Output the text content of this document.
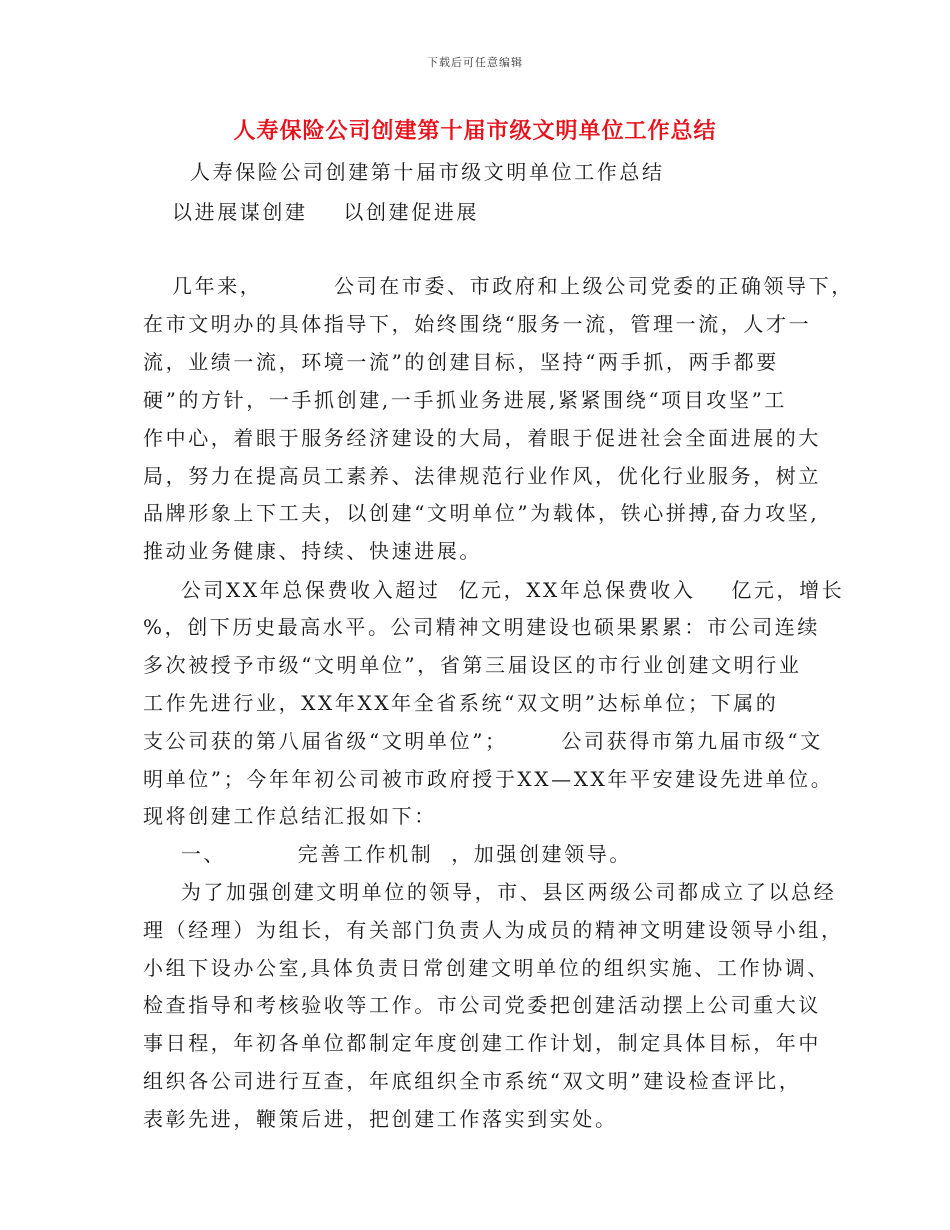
下载后可任意编辑
人寿保险公司创建第十届市级文明单位工作总结
人寿保险公司创建第十届市级文明单位工作总结
以进展谋创建    以创建促进展
几年来，        公司在市委、市政府和上级公司党委的正确领导下，
在市文明办的具体指导下，始终围绕“服务一流，管理一流，人才一
流，业绩一流，环境一流”的创建目标，坚持“两手抓，两手都要
硬”的方针，一手抓创建,一手抓业务进展,紧紧围绕“项目攻坚”工
作中心，着眼于服务经济建设的大局，着眼于促进社会全面进展的大
局，努力在提高员工素养、法律规范行业作风，优化行业服务，树立
品牌形象上下工夫，以创建“文明单位”为载体，铁心拼搏,奋力攻坚,
推动业务健康、持续、快速进展。
公司XX年总保费收入超过  亿元，XX年总保费收入    亿元，增长
%，创下历史最高水平。公司精神文明建设也硕果累累：市公司连续
多次被授予市级“文明单位”，省第三届设区的市行业创建文明行业
工作先进行业，XX年XX年全省系统“双文明”达标单位；下属的
支公司获的第八届省级“文明单位”；      公司获得市第九届市级“文
明单位”；今年年初公司被市政府授于XX—XX年平安建设先进单位。
现将创建工作总结汇报如下：
一、        完善工作机制  ，加强创建领导。
为了加强创建文明单位的领导，市、县区两级公司都成立了以总经
理（经理）为组长，有关部门负责人为成员的精神文明建设领导小组，
小组下设办公室,具体负责日常创建文明单位的组织实施、工作协调、
检查指导和考核验收等工作。市公司党委把创建活动摆上公司重大议
事日程，年初各单位都制定年度创建工作计划，制定具体目标，年中
组织各公司进行互查，年底组织全市系统“双文明”建设检查评比，
表彰先进，鞭策后进，把创建工作落实到实处。
